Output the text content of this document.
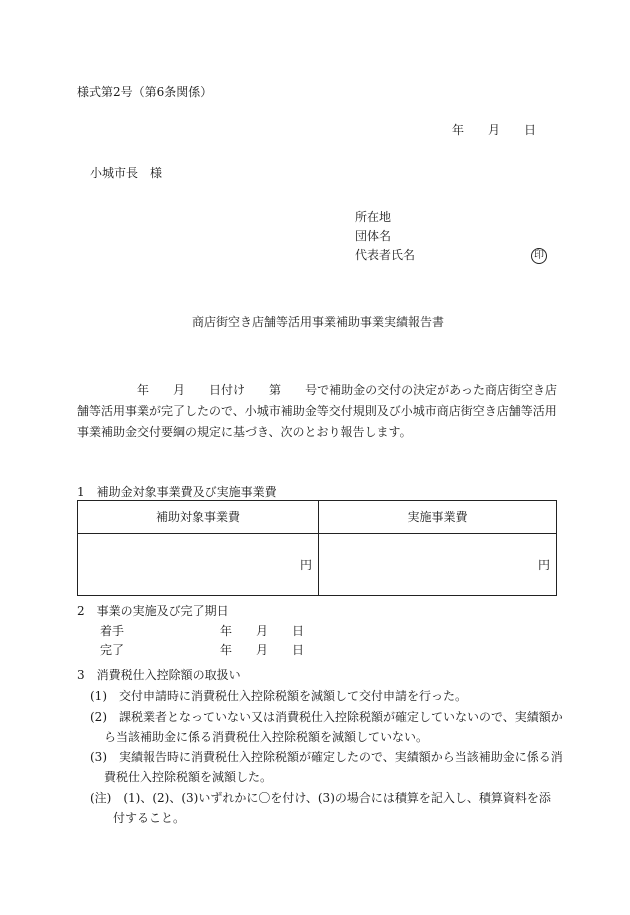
様式第2号（第6条関係）
年 月 日
小城市長　様
所在地
団体名
代表者氏名	印
商店街空き店舗等活用事業補助事業実績報告書
年 月 日付け 第 号で補助金の交付の決定があった商店街空き店
舗等活用事業が完了したので、小城市補助金等交付規則及び小城市商店街空き店舗等活用
事業補助金交付要綱の規定に基づき、次のとおり報告します。
1　補助金対象事業費及び実施事業費
補助対象事業費	実施事業費
円	円
2　事業の実施及び完了期日
着手	年 月 日
完了	年 月 日
3　消費税仕入控除額の取扱い
(1)　交付申請時に消費税仕入控除税額を減額して交付申請を行った。
(2)　課税業者となっていない又は消費税仕入控除税額が確定していないので、実績額か
ら当該補助金に係る消費税仕入控除税額を減額していない。
(3)　実績報告時に消費税仕入控除税額が確定したので、実績額から当該補助金に係る消
費税仕入控除税額を減額した。
(注)　(1)、(2)、(3)いずれかに〇を付け、(3)の場合には積算を記入し、積算資料を添
付すること。
